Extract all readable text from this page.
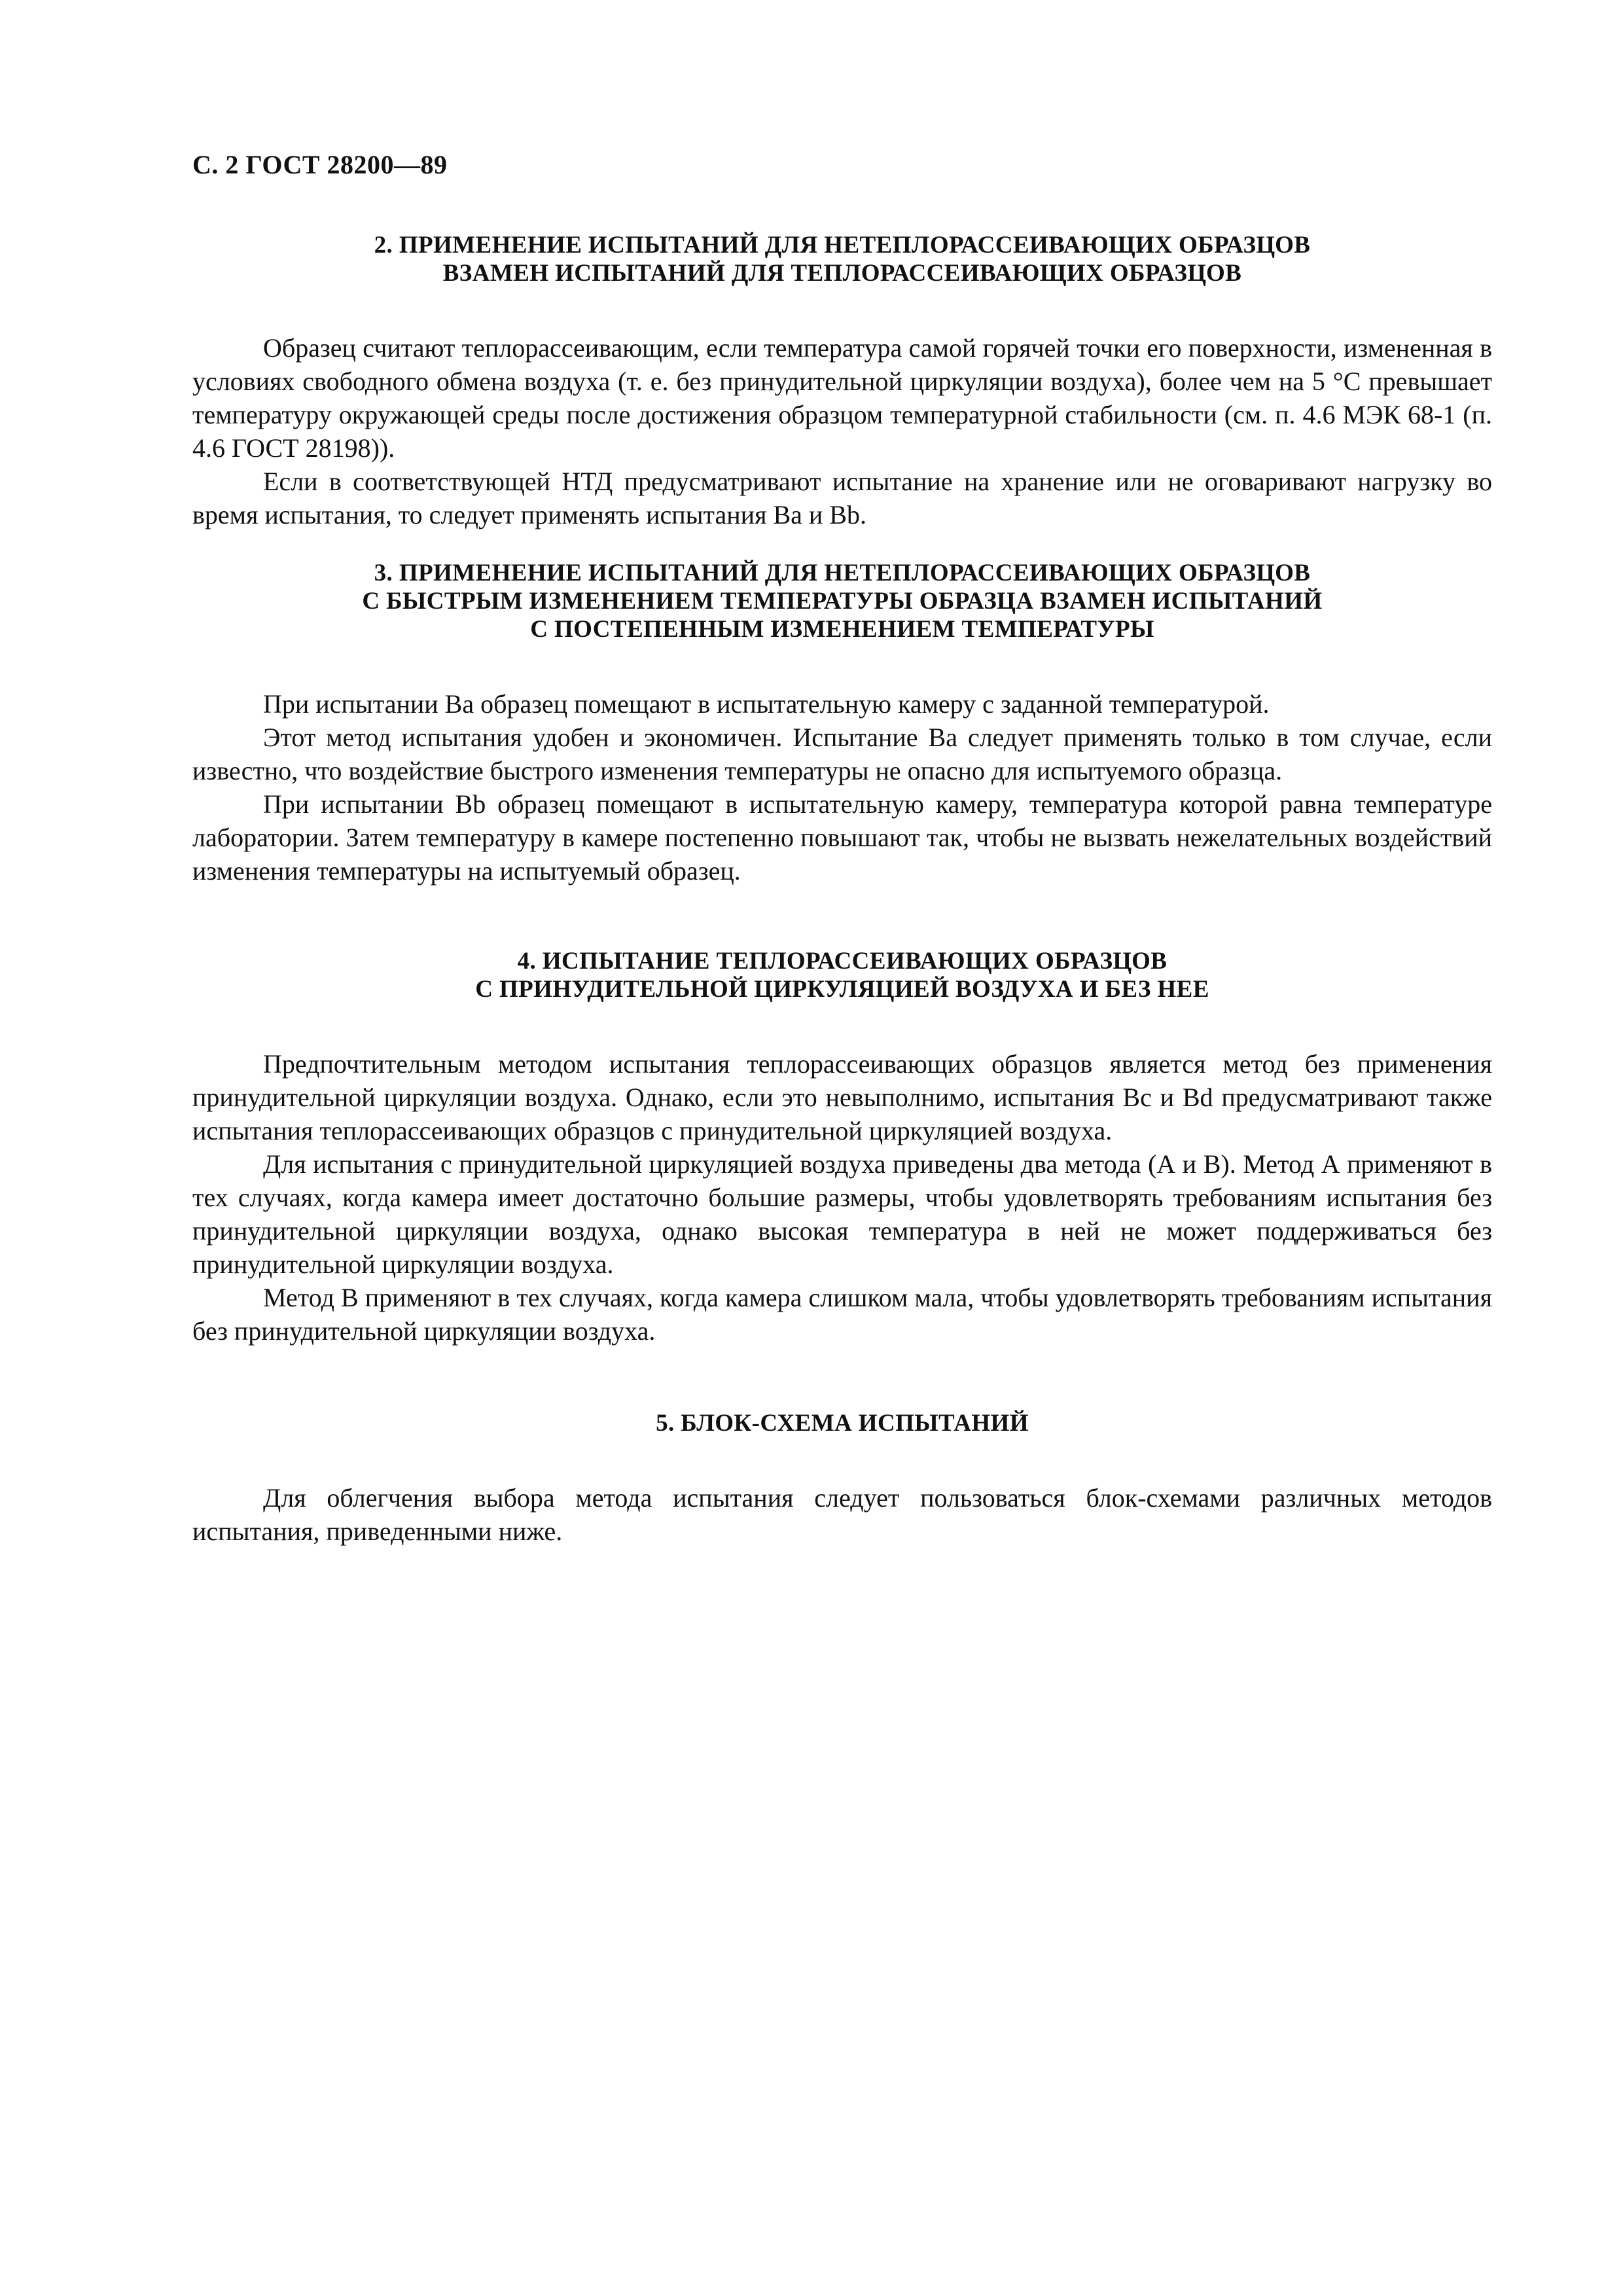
С. 2 ГОСТ 28200—89

2. ПРИМЕНЕНИЕ ИСПЫТАНИЙ ДЛЯ НЕТЕПЛОРАССЕИВАЮЩИХ ОБРАЗЦОВ
ВЗАМЕН ИСПЫТАНИЙ ДЛЯ ТЕПЛОРАССЕИВАЮЩИХ ОБРАЗЦОВ

Образец считают теплорассеивающим, если температура самой горячей точки его поверхности, измененная в условиях свободного обмена воздуха (т. е. без принудительной циркуляции воздуха), более чем на 5 °С превышает температуру окружающей среды после достижения образцом температурной стабильности (см. п. 4.6 МЭК 68-1 (п. 4.6 ГОСТ 28198)).

Если в соответствующей НТД предусматривают испытание на хранение или не оговаривают нагрузку во время испытания, то следует применять испытания Ва и Вb.

3. ПРИМЕНЕНИЕ ИСПЫТАНИЙ ДЛЯ НЕТЕПЛОРАССЕИВАЮЩИХ ОБРАЗЦОВ
С БЫСТРЫМ ИЗМЕНЕНИЕМ ТЕМПЕРАТУРЫ ОБРАЗЦА ВЗАМЕН ИСПЫТАНИЙ
С ПОСТЕПЕННЫМ ИЗМЕНЕНИЕМ ТЕМПЕРАТУРЫ

При испытании Ва образец помещают в испытательную камеру с заданной температурой.

Этот метод испытания удобен и экономичен. Испытание Ва следует применять только в том случае, если известно, что воздействие быстрого изменения температуры не опасно для испытуемого образца.

При испытании Вb образец помещают в испытательную камеру, температура которой равна температуре лаборатории. Затем температуру в камере постепенно повышают так, чтобы не вызвать нежелательных воздействий изменения температуры на испытуемый образец.

4. ИСПЫТАНИЕ ТЕПЛОРАССЕИВАЮЩИХ ОБРАЗЦОВ
С ПРИНУДИТЕЛЬНОЙ ЦИРКУЛЯЦИЕЙ ВОЗДУХА И БЕЗ НЕЕ

Предпочтительным методом испытания теплорассеивающих образцов является метод без применения принудительной циркуляции воздуха. Однако, если это невыполнимо, испытания Вс и Вd предусматривают также испытания теплорассеивающих образцов с принудительной циркуляцией воздуха.

Для испытания с принудительной циркуляцией воздуха приведены два метода (А и В). Метод А применяют в тех случаях, когда камера имеет достаточно большие размеры, чтобы удовлетворять требованиям испытания без принудительной циркуляции воздуха, однако высокая температура в ней не может поддерживаться без принудительной циркуляции воздуха.

Метод В применяют в тех случаях, когда камера слишком мала, чтобы удовлетворять требованиям испытания без принудительной циркуляции воздуха.

5. БЛОК-СХЕМА ИСПЫТАНИЙ

Для облегчения выбора метода испытания следует пользоваться блок-схемами различных методов испытания, приведенными ниже.
